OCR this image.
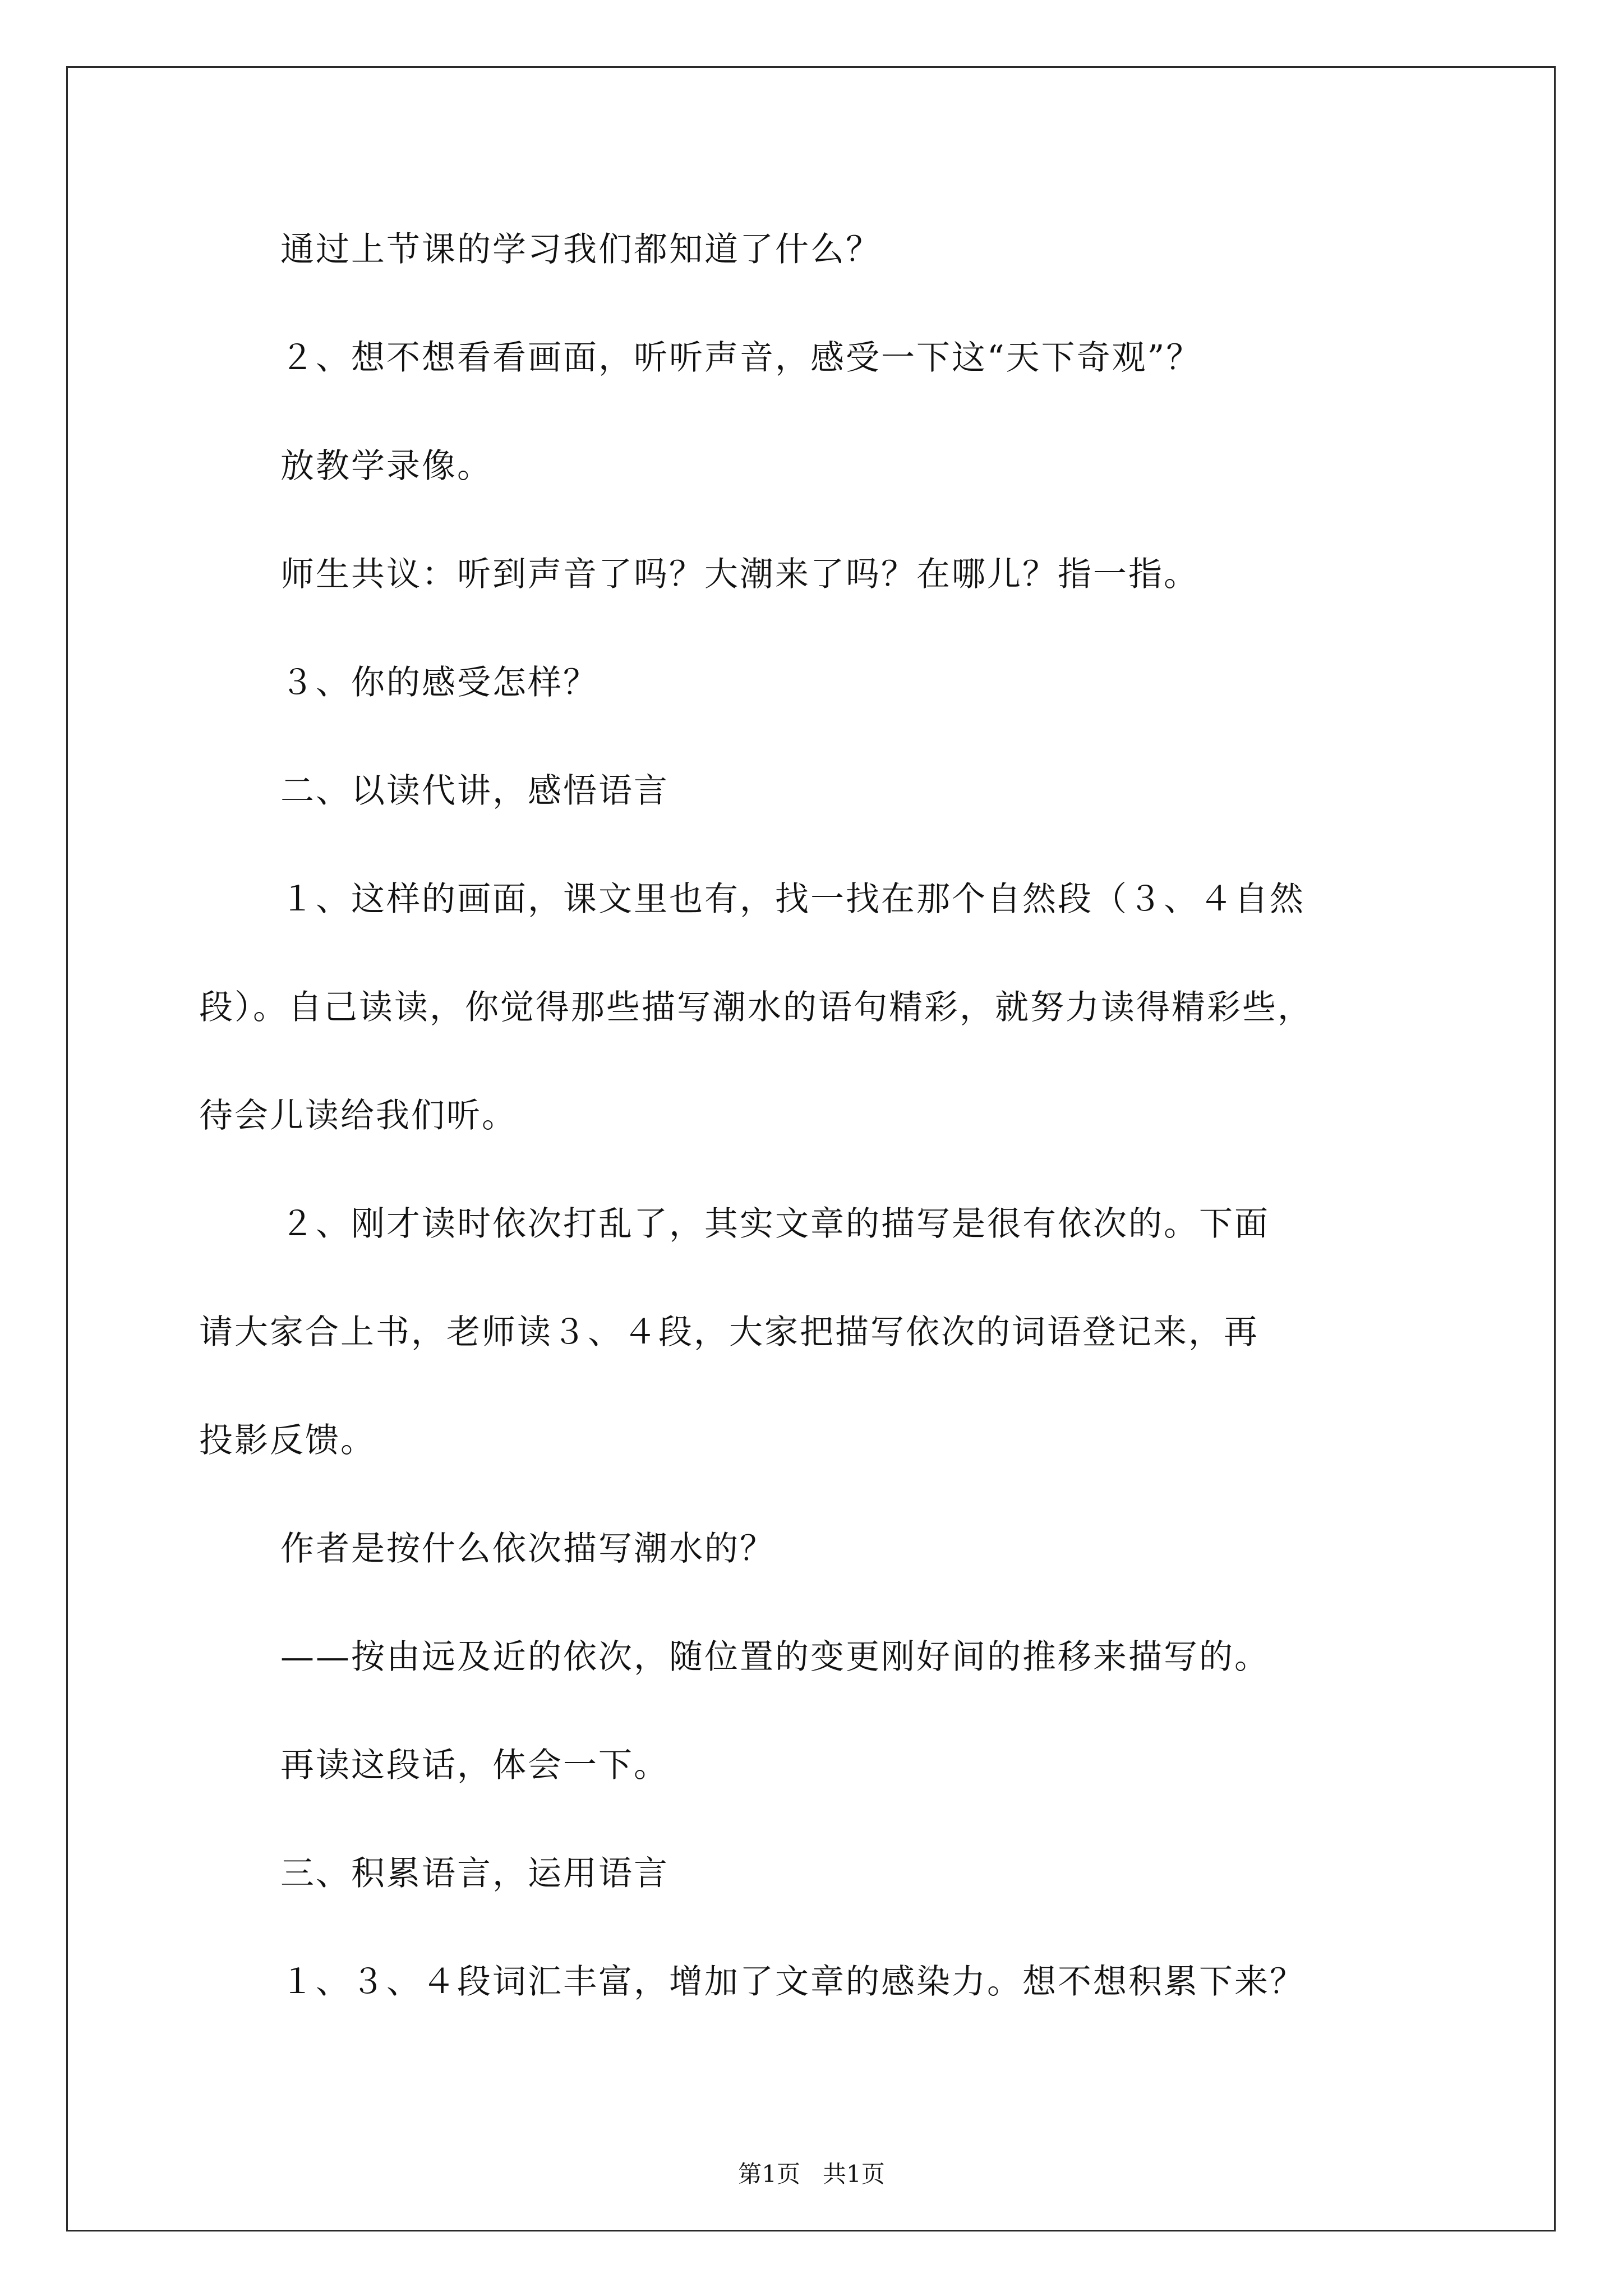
通过上节课的学习我们都知道了什么？
２、想不想看看画面，听听声音，感受一下这“天下奇观”？
放教学录像。
师生共议：听到声音了吗？大潮来了吗？在哪儿？指一指。
３、你的感受怎样？
二、以读代讲，感悟语言
１、这样的画面，课文里也有，找一找在那个自然段（３、４自然
段）。自己读读，你觉得那些描写潮水的语句精彩，就努力读得精彩些，
待会儿读给我们听。
２、刚才读时依次打乱了，其实文章的描写是很有依次的。下面
请大家合上书，老师读３、４段，大家把描写依次的词语登记来，再
投影反馈。
作者是按什么依次描写潮水的？
——按由远及近的依次，随位置的变更刚好间的推移来描写的。
再读这段话，体会一下。
三、积累语言，运用语言
１、３、４段词汇丰富，增加了文章的感染力。想不想积累下来？
第1页   共1页
